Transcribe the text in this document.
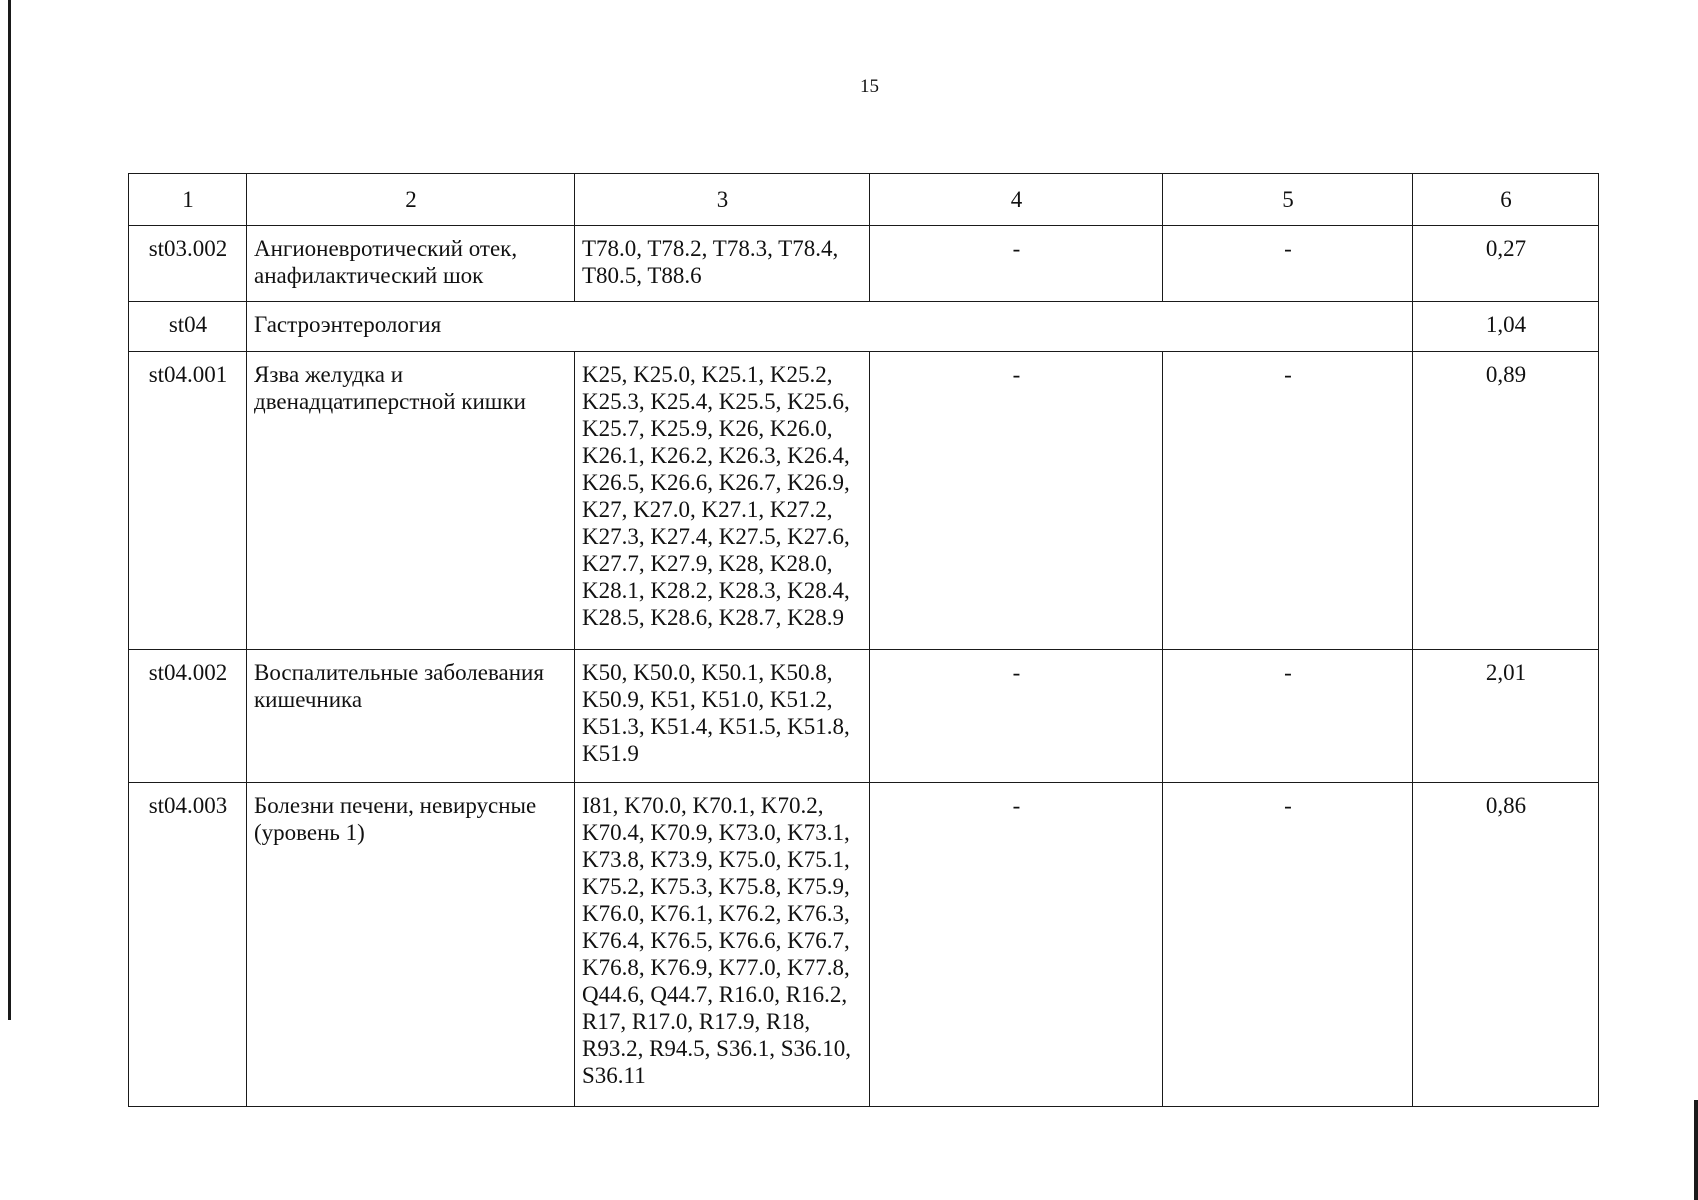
15
1	2	3	4	5	6
st03.002	Ангионевротический отек, анафилактический шок	T78.0, T78.2, T78.3, T78.4, T80.5, T88.6	-	-	0,27
st04	Гастроэнтерология				1,04
st04.001	Язва желудка и двенадцатиперстной кишки	K25, K25.0, K25.1, K25.2, K25.3, K25.4, K25.5, K25.6, K25.7, K25.9, K26, K26.0, K26.1, K26.2, K26.3, K26.4, K26.5, K26.6, K26.7, K26.9, K27, K27.0, K27.1, K27.2, K27.3, K27.4, K27.5, K27.6, K27.7, K27.9, K28, K28.0, K28.1, K28.2, K28.3, K28.4, K28.5, K28.6, K28.7, K28.9	-	-	0,89
st04.002	Воспалительные заболевания кишечника	K50, K50.0, K50.1, K50.8, K50.9, K51, K51.0, K51.2, K51.3, K51.4, K51.5, K51.8, K51.9	-	-	2,01
st04.003	Болезни печени, невирусные (уровень 1)	I81, K70.0, K70.1, K70.2, K70.4, K70.9, K73.0, K73.1, K73.8, K73.9, K75.0, K75.1, K75.2, K75.3, K75.8, K75.9, K76.0, K76.1, K76.2, K76.3, K76.4, K76.5, K76.6, K76.7, K76.8, K76.9, K77.0, K77.8, Q44.6, Q44.7, R16.0, R16.2, R17, R17.0, R17.9, R18, R93.2, R94.5, S36.1, S36.10, S36.11	-	-	0,86
